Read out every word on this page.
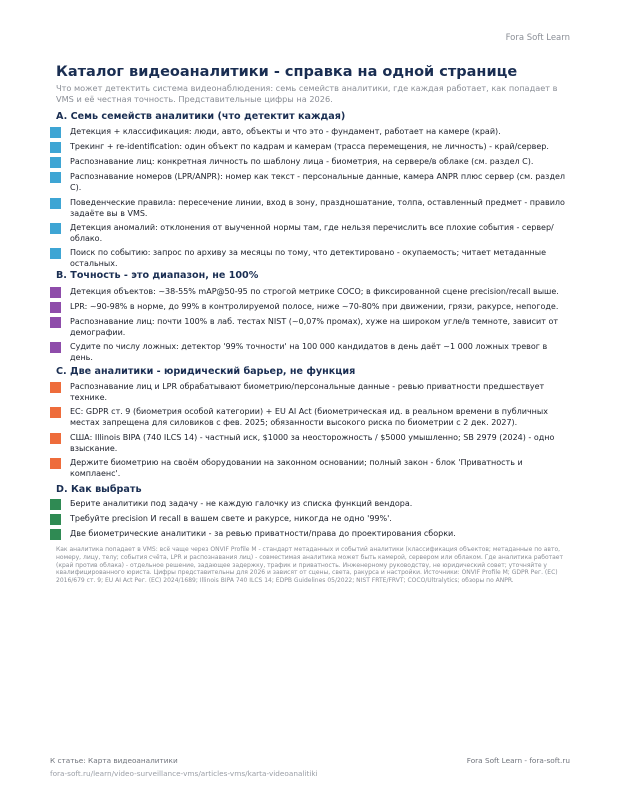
Fora Soft Learn
Каталог видеоаналитики - справка на одной странице
Что может детектить система видеонаблюдения: семь семейств аналитики, где каждая работает, как попадает в VMS и её честная точность. Представительные цифры на 2026.
A. Семь семейств аналитики (что детектит каждая)
Детекция + классификация: люди, авто, объекты и что это - фундамент, работает на камере (край).
Трекинг + re-identification: один объект по кадрам и камерам (трасса перемещения, не личность) - край/сервер.
Распознавание лиц: конкретная личность по шаблону лица - биометрия, на сервере/в облаке (см. раздел C).
Распознавание номеров (LPR/ANPR): номер как текст - персональные данные, камера ANPR плюс сервер (см. раздел C).
Поведенческие правила: пересечение линии, вход в зону, праздношатание, толпа, оставленный предмет - правило задаёте вы в VMS.
Детекция аномалий: отклонения от выученной нормы там, где нельзя перечислить все плохие события - сервер/облако.
Поиск по событию: запрос по архиву за месяцы по тому, что детектировано - окупаемость; читает метаданные остальных.
B. Точность - это диапазон, не 100%
Детекция объектов: ~38-55% mAP@50-95 по строгой метрике COCO; в фиксированной сцене precision/recall выше.
LPR: ~90-98% в норме, до 99% в контролируемой полосе, ниже ~70-80% при движении, грязи, ракурсе, непогоде.
Распознавание лиц: почти 100% в лаб. тестах NIST (~0,07% промах), хуже на широком угле/в темноте, зависит от демографии.
Судите по числу ложных: детектор '99% точности' на 100 000 кандидатов в день даёт ~1 000 ложных тревог в день.
C. Две аналитики - юридический барьер, не функция
Распознавание лиц и LPR обрабатывают биометрию/персональные данные - ревью приватности предшествует технике.
ЕС: GDPR ст. 9 (биометрия особой категории) + EU AI Act (биометрическая ид. в реальном времени в публичных местах запрещена для силовиков с фев. 2025; обязанности высокого риска по биометрии с 2 дек. 2027).
США: Illinois BIPA (740 ILCS 14) - частный иск, $1000 за неосторожность / $5000 умышленно; SB 2979 (2024) - одно взыскание.
Держите биометрию на своём оборудовании на законном основании; полный закон - блок 'Приватность и комплаенс'.
D. Как выбрать
Берите аналитики под задачу - не каждую галочку из списка функций вендора.
Требуйте precision И recall в вашем свете и ракурсе, никогда не одно '99%'.
Две биометрические аналитики - за ревью приватности/права до проектирования сборки.
Как аналитика попадает в VMS: всё чаще через ONVIF Profile M - стандарт метаданных и событий аналитики (классификация объектов; метаданные по авто, номеру, лицу, телу; события счёта, LPR и распознавания лиц) - совместимая аналитика может быть камерой, сервером или облаком. Где аналитика работает (край против облака) - отдельное решение, задающее задержку, трафик и приватность. Инженерному руководству, не юридический совет; уточняйте у квалифицированного юриста. Цифры представительны для 2026 и зависят от сцены, света, ракурса и настройки. Источники: ONVIF Profile M; GDPR Рег. (ЕС) 2016/679 ст. 9; EU AI Act Рег. (ЕС) 2024/1689; Illinois BIPA 740 ILCS 14; EDPB Guidelines 05/2022; NIST FRTE/FRVT; COCO/Ultralytics; обзоры по ANPR.
К статье: Карта видеоаналитики	Fora Soft Learn - fora-soft.ru
fora-soft.ru/learn/video-surveillance-vms/articles-vms/karta-videoanalitiki
